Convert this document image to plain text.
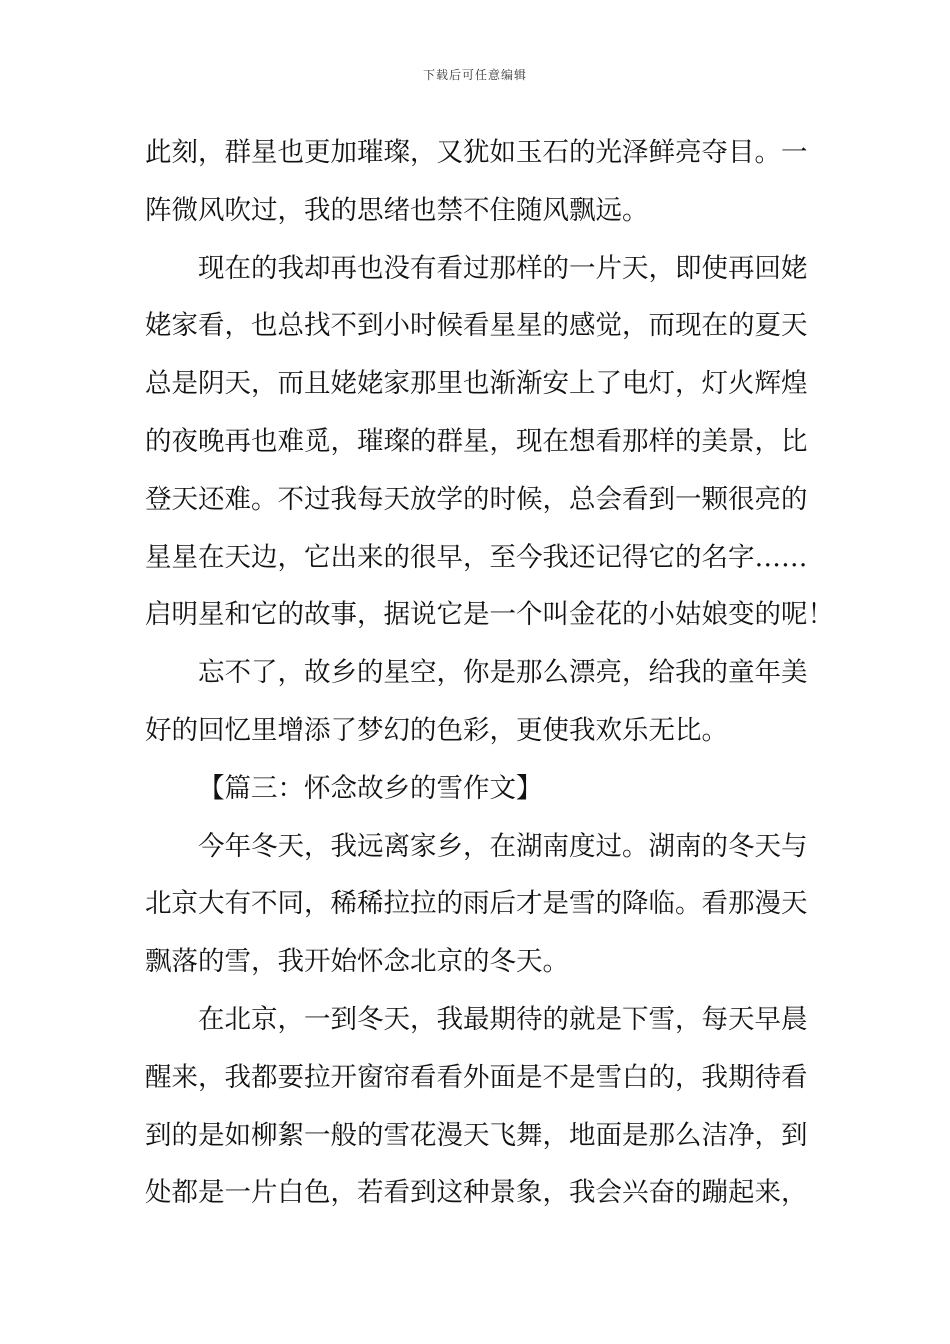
下载后可任意编辑
此刻，群星也更加璀璨，又犹如玉石的光泽鲜亮夺目。一
阵微风吹过，我的思绪也禁不住随风飘远。
现在的我却再也没有看过那样的一片天，即使再回姥
姥家看，也总找不到小时候看星星的感觉，而现在的夏天
总是阴天，而且姥姥家那里也渐渐安上了电灯，灯火辉煌
的夜晚再也难觅，璀璨的群星，现在想看那样的美景，比
登天还难。不过我每天放学的时候，总会看到一颗很亮的
星星在天边，它出来的很早，至今我还记得它的名字……
启明星和它的故事，据说它是一个叫金花的小姑娘变的呢！
忘不了，故乡的星空，你是那么漂亮，给我的童年美
好的回忆里增添了梦幻的色彩，更使我欢乐无比。
【篇三：怀念故乡的雪作文】
今年冬天，我远离家乡，在湖南度过。湖南的冬天与
北京大有不同，稀稀拉拉的雨后才是雪的降临。看那漫天
飘落的雪，我开始怀念北京的冬天。
在北京，一到冬天，我最期待的就是下雪，每天早晨
醒来，我都要拉开窗帘看看外面是不是雪白的，我期待看
到的是如柳絮一般的雪花漫天飞舞，地面是那么洁净，到
处都是一片白色，若看到这种景象，我会兴奋的蹦起来，
